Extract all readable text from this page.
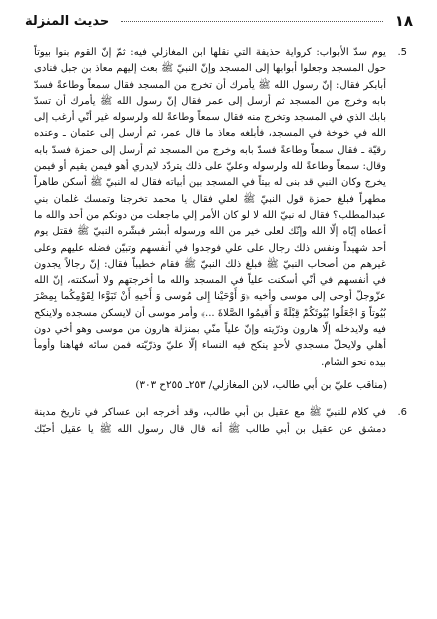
١٨
حديث المنزلة
5.
يوم سدّ الأبواب: كرواية حذيفة التي نقلها ابن المغازلي فيه: ثمّ إنّ القوم بنوا بيوتاً حول المسجد وجعلوا أبوابها إلى المسجد وإنّ النبيّ ﷺ بعث إليهم معاذ بن جبل فنادى أبابكر فقال: إنّ رسول الله ﷺ يأمرك أن تخرج من المسجد فقال سمعاً وطاعةً فسدّ بابه وخرج من المسجد ثم أرسل إلى عمر فقال إنّ رسول الله ﷺ يأمرك أن تسدّ بابك الذي في المسجد وتخرج منه فقال سمعاً وطاعةً لله ولرسوله غير أنّي أرغب إلى الله في خوخة في المسجد، فأبلغه معاذ ما قال عمر، ثم أرسل إلى عثمان ـ وعنده رقيّة ـ فقال سمعاً وطاعةً فسدّ بابه وخرج من المسجد ثم أرسل إلى حمزة فسدّ بابه وقال: سمعاً وطاعةً لله ولرسوله وعليّ على ذلك يتردّد لايدري أهو فيمن يقيم أو فيمن يخرج وكان النبي قد بنى له بيتاً في المسجد بين أبياته فقال له النبيّ ﷺ أسكن طاهراً مطهراً فبلغ حمزة قول النبيّ ﷺ لعلي فقال يا محمد تخرجنا وتمسك غلمان بني عبدالمطلب؟ فقال له نبيّ الله لا لو كان الأمر إلي ماجعلت من دونكم من أحد والله ما أعطاه إيّاه إلّا الله وإنّك لعلى خير من الله ورسوله أبشر فبشّره النبيّ ﷺ فقتل يوم أحد شهيداً ونفس ذلك رجال على علي فوجدوا في أنفسهم وتبيّن فضله عليهم وعلى غيرهم من أصحاب النبيّ ﷺ فبلغ ذلك النبيّ ﷺ فقام خطيباً فقال: إنّ رجالاً يجدون في أنفسهم في أنّي أسكنت علياً في المسجد والله ما أخرجتهم ولا أسكنته، إنّ الله عزّوجلّ أوحى إلى موسى وأخيه ﴿وَ أَوْحَيْنا إِلى مُوسى وَ أَخيهِ أَنْ تَبَوَّءا لِقَوْمِكُما بِمِصْرَ بُيُوتاً وَ اجْعَلُوا بُيُوتَكُمْ قِبْلَةً وَ أَقيمُوا الصَّلاةَ ...﴾ وأمر موسى أن لايسكن مسجده ولاينكح فيه ولايدخله إلّا هارون وذرّيته وإنّ علياً منّي بمنزلة هارون من موسى وهو أخي دون أهلي ولايحلّ مسجدي لأحدٍ ينكح فيه النساء إلّا عليّ وذرّيّته فمن سائه فهاهنا وأومأ بيده نحو الشام.
(مناقب عليّ بن أبي طالب، لابن المغازلي/ ٢٥٣ـ ٢٥٥ح ٣٠٣)
6.
في كلام للنبيّ ﷺ مع عقيل بن أبي طالب، وقد أخرجه ابن عساكر في تاريخ مدينة دمشق عن عقيل بن أبي طالب ﷺ أنه قال قال رسول الله ﷺ يا عقيل أحبّك
